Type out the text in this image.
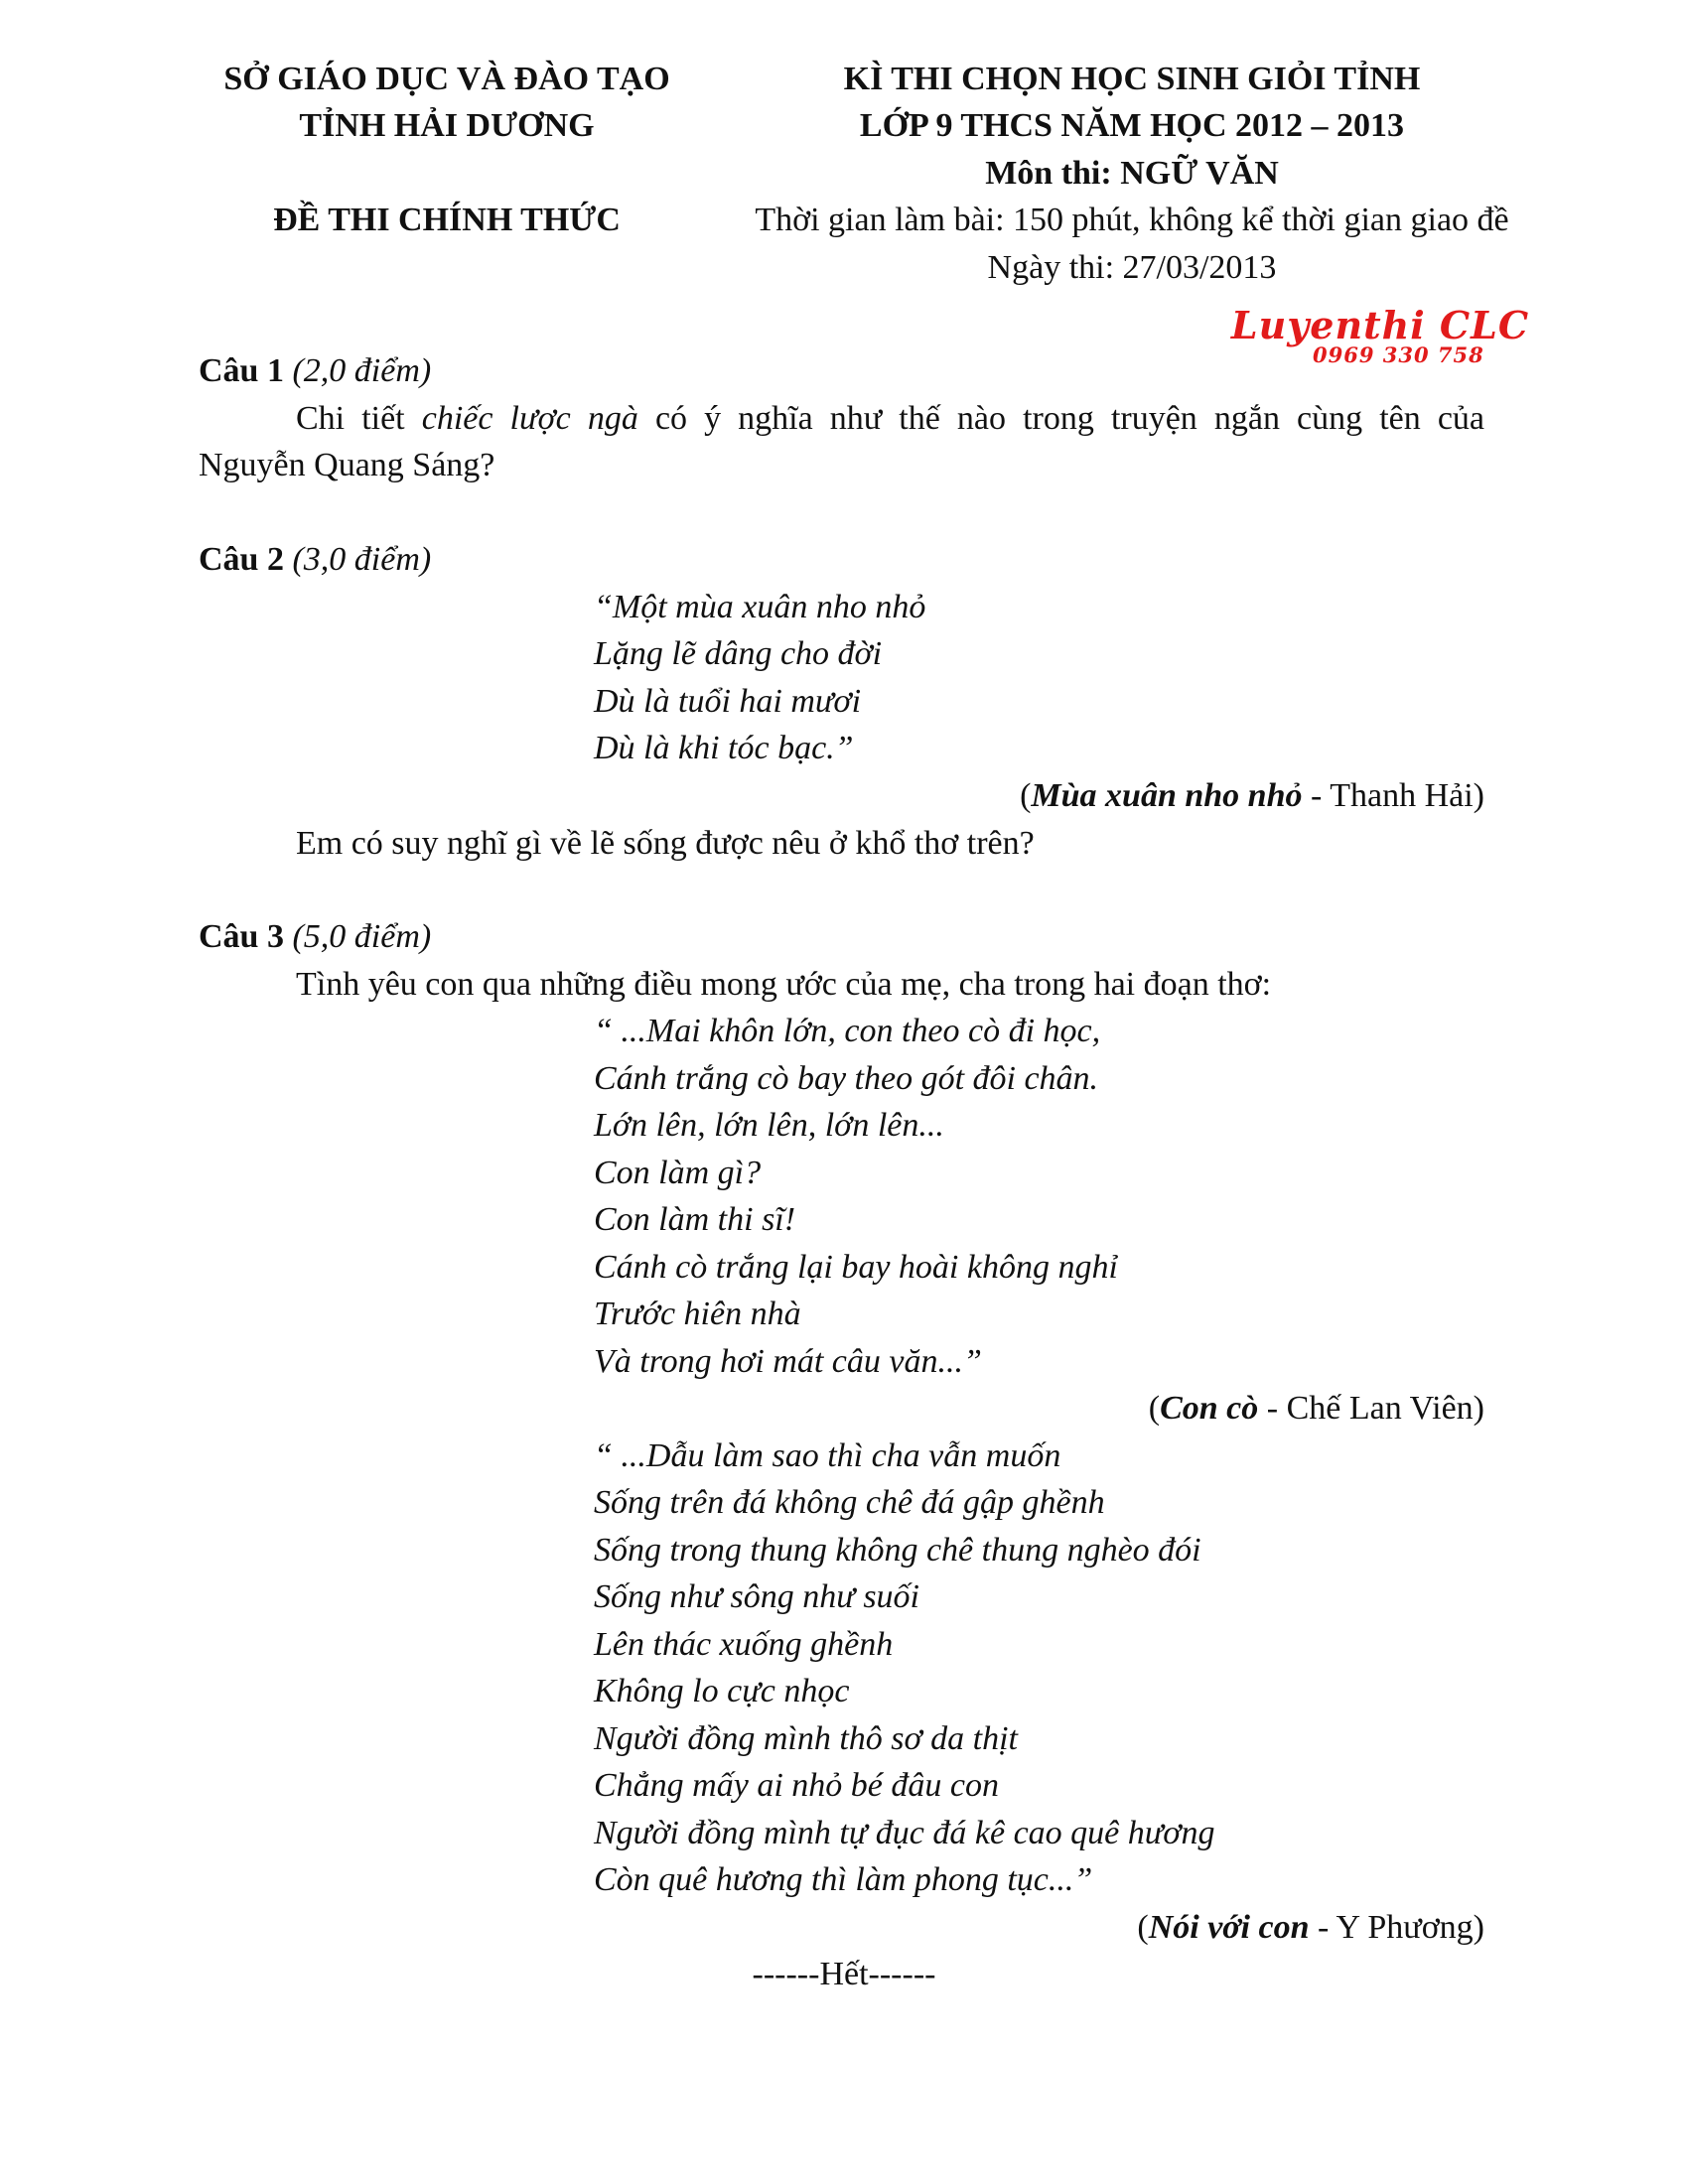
SỞ GIÁO DỤC VÀ ĐÀO TẠO
TỈNH HẢI DƯƠNG
ĐỀ THI CHÍNH THỨC
KÌ THI CHỌN HỌC SINH GIỎI TỈNH
LỚP 9 THCS NĂM HỌC 2012 – 2013
Môn thi: NGỮ VĂN
Thời gian làm bài: 150 phút, không kể thời gian giao đề
Ngày thi: 27/03/2013
Luyenthi CLC
0969 330 758
Câu 1 (2,0 điểm)
Chi tiết chiếc lược ngà có ý nghĩa như thế nào trong truyện ngắn cùng tên của
Nguyễn Quang Sáng?
Câu 2 (3,0 điểm)
“Một mùa xuân nho nhỏ
Lặng lẽ dâng cho đời
Dù là tuổi hai mươi
Dù là khi tóc bạc.”
(Mùa xuân nho nhỏ - Thanh Hải)
Em có suy nghĩ gì về lẽ sống được nêu ở khổ thơ trên?
Câu 3 (5,0 điểm)
Tình yêu con qua những điều mong ước của mẹ, cha trong hai đoạn thơ:
“ ...Mai khôn lớn, con theo cò đi học,
Cánh trắng cò bay theo gót đôi chân.
Lớn lên, lớn lên, lớn lên...
Con làm gì?
Con làm thi sĩ!
Cánh cò trắng lại bay hoài không nghỉ
Trước hiên nhà
Và trong hơi mát câu văn...”
(Con cò - Chế Lan Viên)
“ ...Dẫu làm sao thì cha vẫn muốn
Sống trên đá không chê đá gập ghềnh
Sống trong thung không chê thung nghèo đói
Sống như sông như suối
Lên thác xuống ghềnh
Không lo cực nhọc
Người đồng mình thô sơ da thịt
Chẳng mấy ai nhỏ bé đâu con
Người đồng mình tự đục đá kê cao quê hương
Còn quê hương thì làm phong tục...”
(Nói với con - Y Phương)
------Hết------
